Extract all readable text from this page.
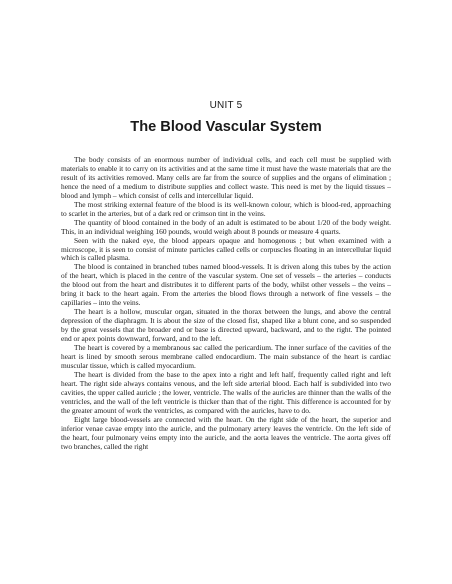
UNIT 5
The Blood Vascular System

The body consists of an enormous number of individual cells, and each cell must be supplied with materials to enable it to carry on its activities and at the same time it must have the waste materials that are the result of its activities removed. Many cells are far from the source of supplies and the organs of elimination ; hence the need of a medium to distribute supplies and collect waste. This need is met by the liquid tissues – blood and lymph – which consist of cells and intercellular liquid.

The most striking external feature of the blood is its well-known colour, which is blood-red, approaching to scarlet in the arteries, but of a dark red or crimson tint in the veins.

The quantity of blood contained in the body of an adult is estimated to be about 1/20 of the body weight. This, in an individual weighing 160 pounds, would weigh about 8 pounds or measure 4 quarts.

Seen with the naked eye, the blood appears opaque and homogenous ; but when examined with a microscope, it is seen to consist of minute particles called cells or corpuscles floating in an intercellular liquid which is called plasma.

The blood is contained in branched tubes named blood-vessels. It is driven along this tubes by the action of the heart, which is placed in the centre of the vascular system. One set of vessels – the arteries – conducts the blood out from the heart and distributes it to different parts of the body, whilst other vessels – the veins – bring it back to the heart again. From the arteries the blood flows through a network of fine vessels – the capillaries – into the veins.

The heart is a hollow, muscular organ, situated in the thorax between the lungs, and above the central depression of the diaphragm. It is about the size of the closed fist, shaped like a blunt cone, and so suspended by the great vessels that the broader end or base is directed upward, backward, and to the right. The pointed end or apex points downward, forward, and to the left.

The heart is covered by a membranous sac called the pericardium. The inner surface of the cavities of the heart is lined by smooth serous membrane called endocardium. The main substance of the heart is cardiac muscular tissue, which is called myocardium.

The heart is divided from the base to the apex into a right and left half, frequently called right and left heart. The right side always contains venous, and the left side arterial blood. Each half is subdivided into two cavities, the upper called auricle ; the lower, ventricle. The walls of the auricles are thinner than the walls of the ventricles, and the wall of the left ventricle is thicker than that of the right. This difference is accounted for by the greater amount of work the ventricles, as compared with the auricles, have to do.

Eight large blood-vessels are connected with the heart. On the right side of the heart, the superior and inferior venae cavae empty into the auricle, and the pulmonary artery leaves the ventricle. On the left side of the heart, four pulmonary veins empty into the auricle, and the aorta leaves the ventricle. The aorta gives off two branches, called the right
